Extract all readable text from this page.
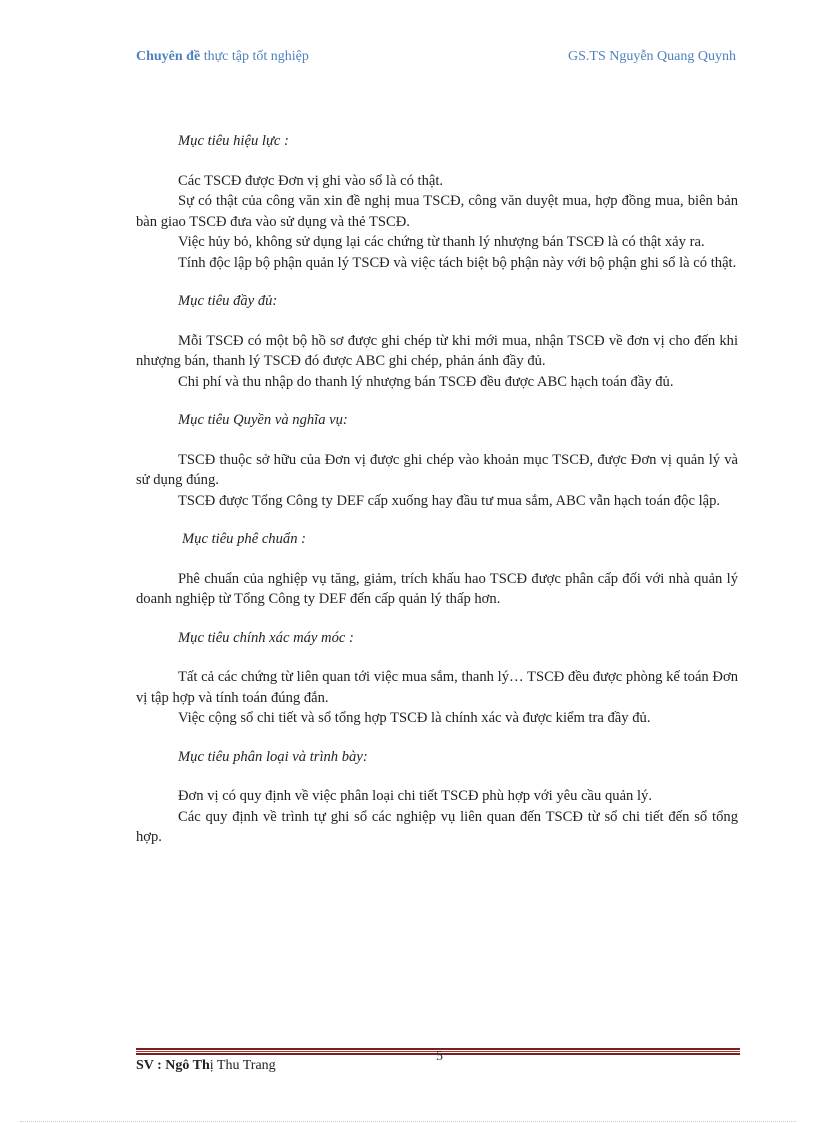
Chuyên đề thực tập tốt nghiệp	GS.TS Nguyễn Quang Quynh

Mục tiêu hiệu lực :

Các TSCĐ được Đơn vị ghi vào sổ là có thật.

Sự có thật của công văn xin đề nghị mua TSCĐ, công văn duyệt mua, hợp đồng mua, biên bản bàn giao TSCĐ đưa vào sử dụng và thẻ TSCĐ.

Việc hủy bỏ, không sử dụng lại các chứng từ thanh lý nhượng bán TSCĐ là có thật xảy ra.

Tính độc lập bộ phận quản lý TSCĐ và việc tách biệt bộ phận này với bộ phận ghi sổ là có thật.

Mục tiêu đầy đủ:

Mỗi TSCĐ có một bộ hồ sơ được ghi chép từ khi mới mua, nhận TSCĐ về đơn vị cho đến khi nhượng bán, thanh lý TSCĐ đó được ABC ghi chép, phản ánh đầy đủ.

Chi phí và thu nhập do thanh lý nhượng bán TSCĐ đều được ABC hạch toán đầy đủ.

Mục tiêu Quyền và nghĩa vụ:

TSCĐ thuộc sở hữu của Đơn vị được ghi chép vào khoản mục TSCĐ, được Đơn vị quản lý và sử dụng đúng.

TSCĐ được Tổng Công ty DEF cấp xuống hay đầu tư mua sắm, ABC vẫn hạch toán độc lập.

Mục tiêu phê chuẩn :

Phê chuẩn của nghiệp vụ tăng, giảm, trích khấu hao TSCĐ được phân cấp đối với nhà quản lý doanh nghiệp từ Tổng Công ty DEF đến cấp quản lý thấp hơn.

Mục tiêu chính xác máy móc :

Tất cả các chứng từ liên quan tới việc mua sắm, thanh lý… TSCĐ đều được phòng kế toán Đơn vị tập hợp và tính toán đúng đắn.

Việc cộng sổ chi tiết và sổ tổng hợp TSCĐ là chính xác và được kiểm tra đầy đủ.

Mục tiêu phân loại và trình bày:

Đơn vị có quy định về việc phân loại chi tiết TSCĐ phù hợp với yêu cầu quản lý.

Các quy định về trình tự ghi sổ các nghiệp vụ liên quan đến TSCĐ từ sổ chi tiết đến sổ tổng hợp.

5
SV : Ngô Thị Thu Trang
